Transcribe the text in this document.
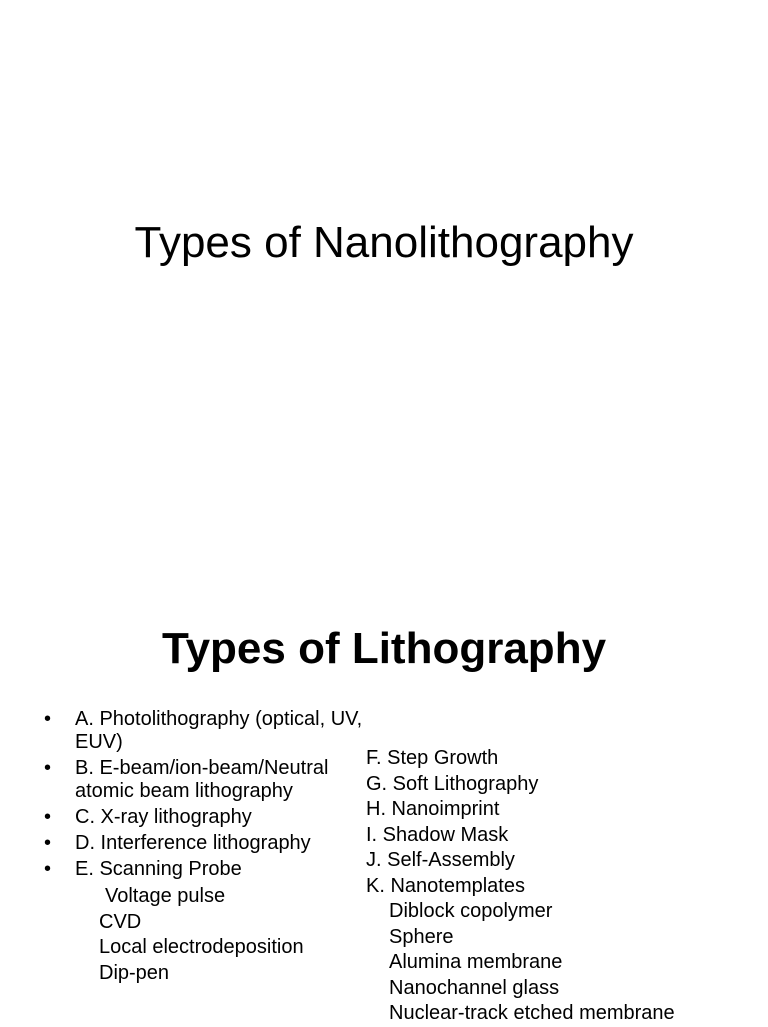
Types of Nanolithography
Types of Lithography
• A. Photolithography (optical, UV, EUV)
• B. E-beam/ion-beam/Neutral atomic beam lithography
• C. X-ray lithography
• D. Interference lithography
• E. Scanning Probe
Voltage pulse
CVD
Local electrodeposition
Dip-pen
F. Step Growth
G. Soft Lithography
H. Nanoimprint
I. Shadow Mask
J. Self-Assembly
K. Nanotemplates
Diblock copolymer
Sphere
Alumina membrane
Nanochannel glass
Nuclear-track etched membrane
